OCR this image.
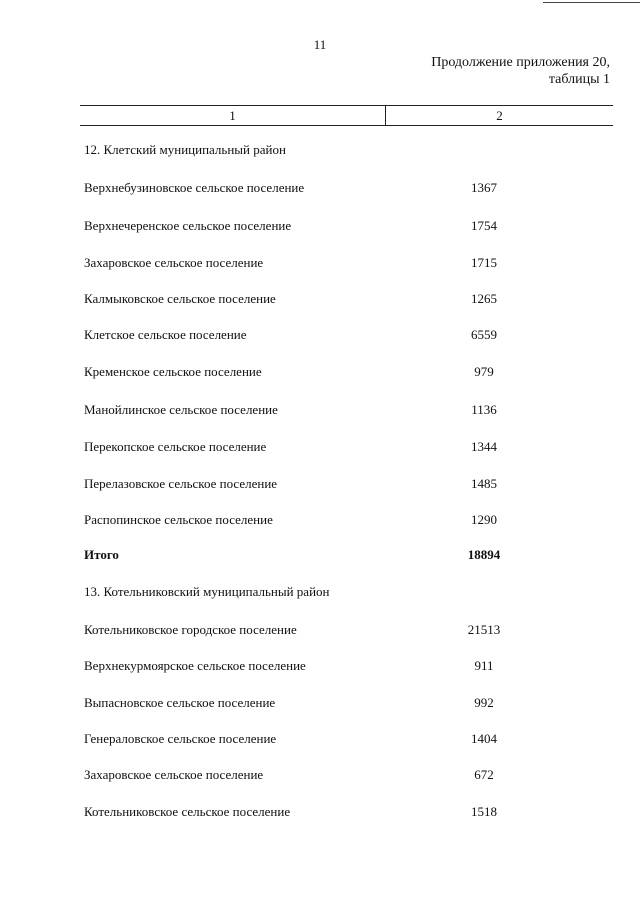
11
Продолжение приложения 20,
таблицы 1
1	2
12. Клетский муниципальный район
Верхнебузиновское сельское поселение	1367
Верхнечеренское сельское поселение	1754
Захаровское сельское поселение	1715
Калмыковское сельское поселение	1265
Клетское сельское поселение	6559
Кременское сельское поселение	979
Манойлинское сельское поселение	1136
Перекопское сельское поселение	1344
Перелазовское сельское поселение	1485
Распопинское сельское поселение	1290
Итого	18894
13. Котельниковский муниципальный район
Котельниковское городское поселение	21513
Верхнекурмоярское сельское поселение	911
Выпасновское сельское поселение	992
Генераловское сельское поселение	1404
Захаровское сельское поселение	672
Котельниковское сельское поселение	1518
